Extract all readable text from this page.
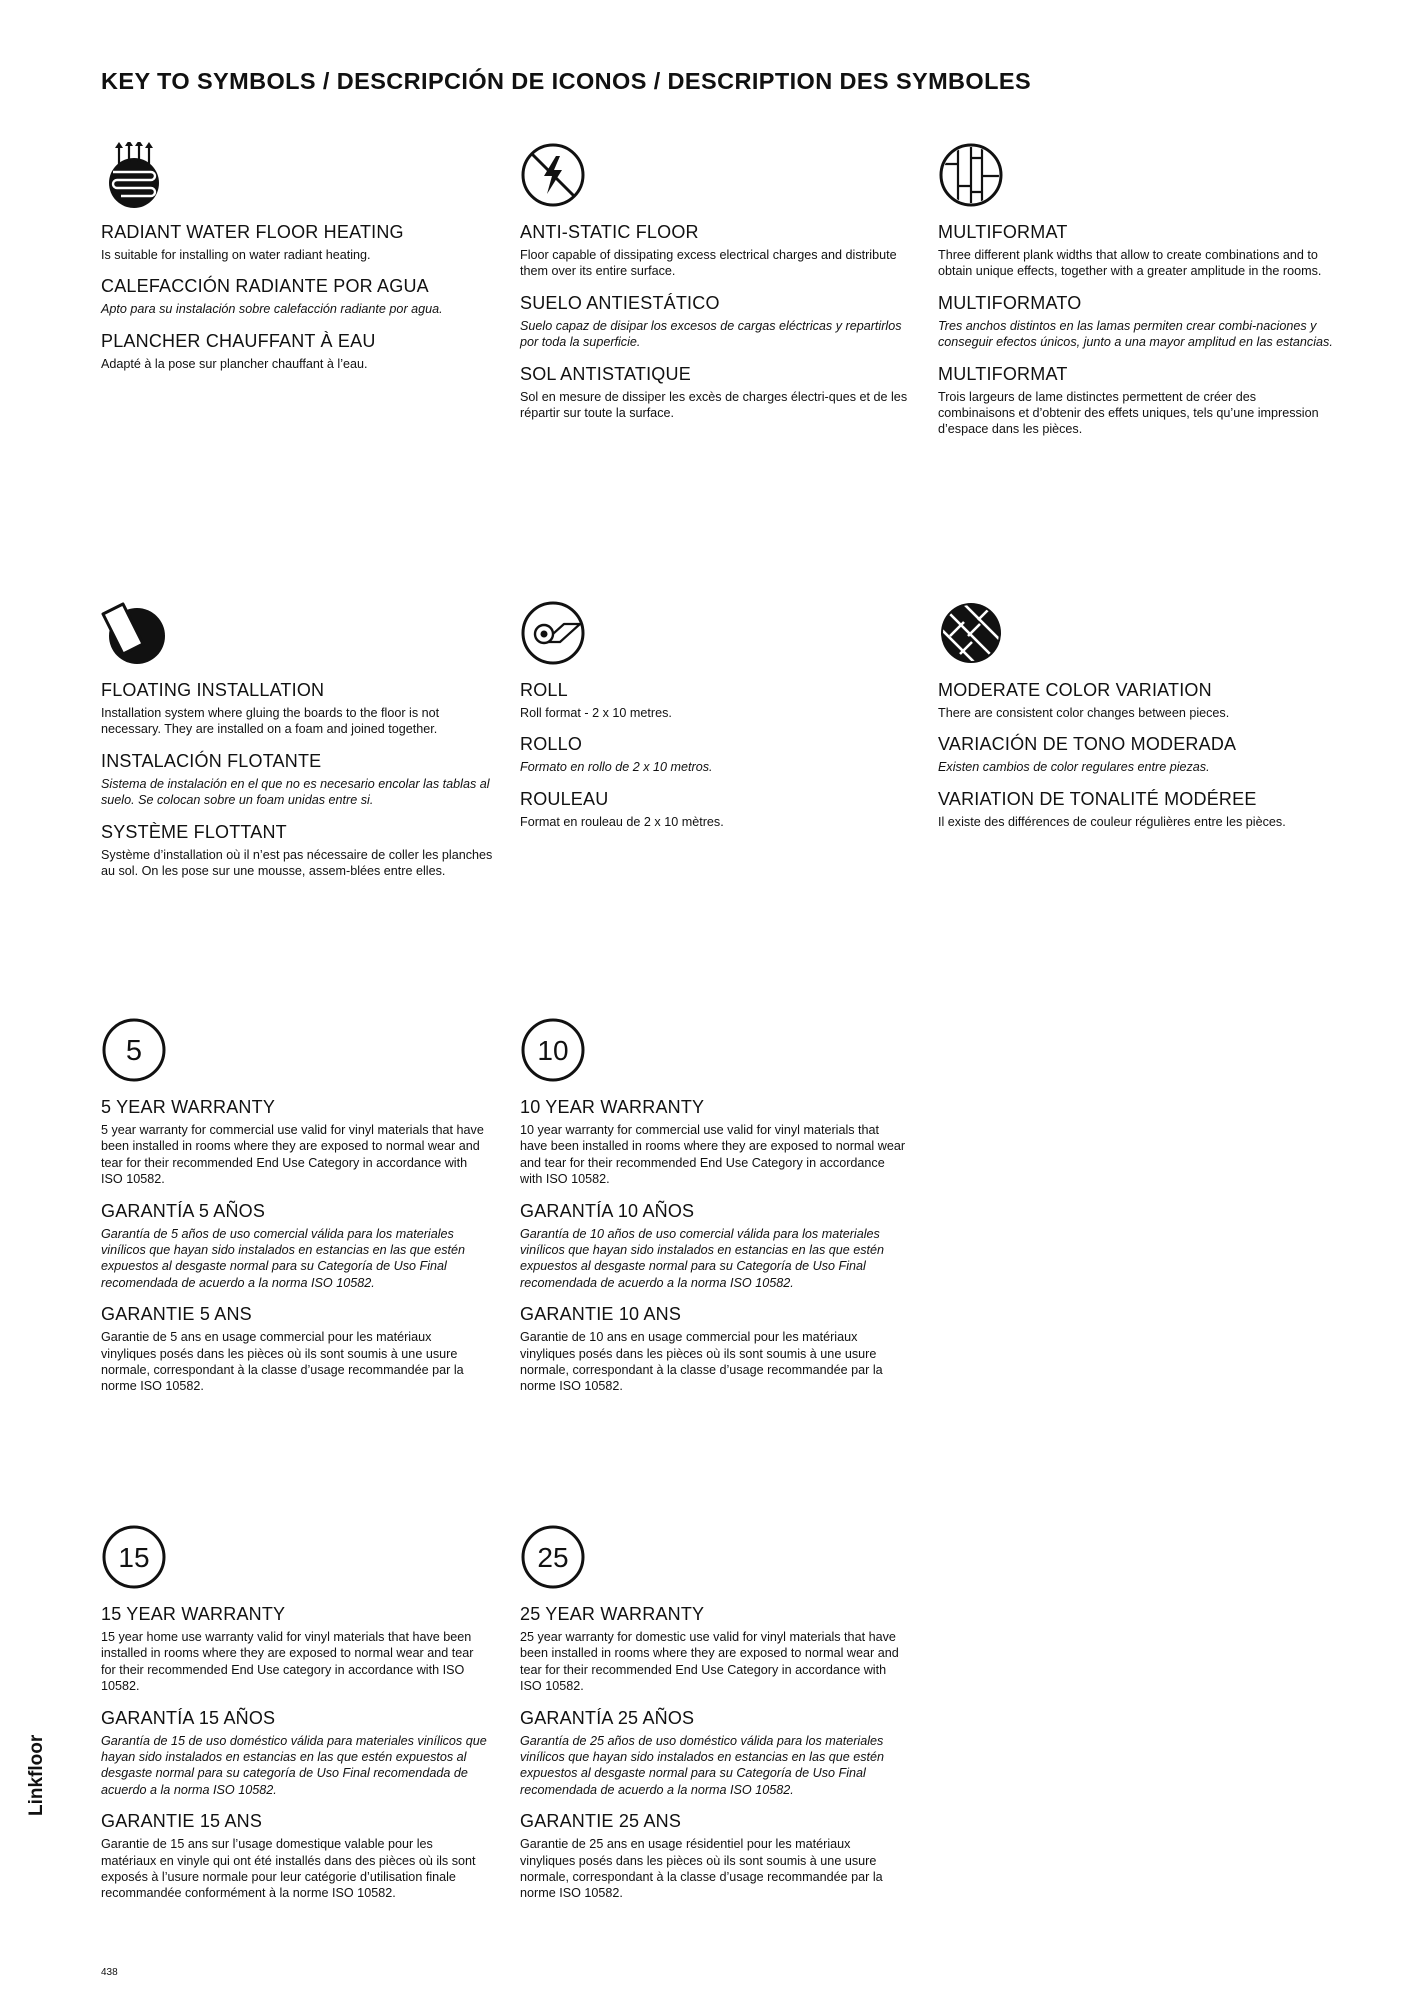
KEY TO SYMBOLS / DESCRIPCIÓN DE ICONOS / DESCRIPTION DES SYMBOLES

RADIANT WATER FLOOR HEATING

Is suitable for installing on water radiant heating.

CALEFACCIÓN RADIANTE POR AGUA

Apto para su instalación sobre calefacción radiante por agua.

PLANCHER CHAUFFANT À EAU

Adapté à la pose sur plancher chauffant à l’eau.

ANTI-STATIC FLOOR

Floor capable of dissipating excess electrical charges and distribute them over its entire surface.

SUELO ANTIESTÁTICO

Suelo capaz de disipar los excesos de cargas eléctricas y repartirlos por toda la superficie.

SOL ANTISTATIQUE

Sol en mesure de dissiper les excès de charges électri-ques et de les répartir sur toute la surface.

MULTIFORMAT

Three different plank widths that allow to create combinations and to obtain unique effects, together with a greater amplitude in the rooms.

MULTIFORMATO

Tres anchos distintos en las lamas permiten crear combi-naciones y conseguir efectos únicos, junto a una mayor amplitud en las estancias.

MULTIFORMAT

Trois largeurs de lame distinctes permettent de créer des combinaisons et d’obtenir des effets uniques, tels qu’une impression d’espace dans les pièces.

FLOATING INSTALLATION

Installation system where gluing the boards to the floor is not necessary. They are installed on a foam and joined together.

INSTALACIÓN FLOTANTE

Sistema de instalación en el que no es necesario encolar las tablas al suelo. Se colocan sobre un foam unidas entre si.

SYSTÈME FLOTTANT

Système d’installation où il n’est pas nécessaire de coller les planches au sol. On les pose sur une mousse, assem-blées entre elles.

ROLL

Roll format - 2 x 10 metres.

ROLLO

Formato en rollo de 2 x 10 metros.

ROULEAU

Format en rouleau de 2 x 10 mètres.

MODERATE COLOR VARIATION

There are consistent color changes between pieces.

VARIACIÓN DE TONO MODERADA

Existen cambios de color regulares entre piezas.

VARIATION DE TONALITÉ MODÉREE

Il existe des différences de couleur régulières entre les pièces.

5

5 YEAR WARRANTY

5 year warranty for commercial use valid for vinyl materials that have been installed in rooms where they are exposed to normal wear and tear for their recommended End Use Category in accordance with ISO 10582.

GARANTÍA 5 AÑOS

Garantía de 5 años de uso comercial válida para los materiales vinílicos que hayan sido instalados en estancias en las que estén expuestos al desgaste normal para su Categoría de Uso Final recomendada de acuerdo a la norma ISO 10582.

GARANTIE 5 ANS

Garantie de 5 ans en usage commercial pour les matériaux vinyliques posés dans les pièces où ils sont soumis à une usure normale, correspondant à la classe d’usage recommandée par la norme ISO 10582.

10

10 YEAR WARRANTY

10 year warranty for commercial use valid for vinyl materials that have been installed in rooms where they are exposed to normal wear and tear for their recommended End Use Category in accordance with ISO 10582.

GARANTÍA 10 AÑOS

Garantía de 10 años de uso comercial válida para los materiales vinílicos que hayan sido instalados en estancias en las que estén expuestos al desgaste normal para su Categoría de Uso Final recomendada de acuerdo a la norma ISO 10582.

GARANTIE 10 ANS

Garantie de 10 ans en usage commercial pour les matériaux vinyliques posés dans les pièces où ils sont soumis à une usure normale, correspondant à la classe d’usage recommandée par la norme ISO 10582.

15

15 YEAR WARRANTY

15 year home use warranty valid for vinyl materials that have been installed in rooms where they are exposed to normal wear and tear for their recommended End Use category in accordance with ISO 10582.

GARANTÍA 15 AÑOS

Garantía de 15 de uso doméstico válida para materiales vinílicos que hayan sido instalados en estancias en las que estén expuestos al desgaste normal para su categoría de Uso Final recomendada de acuerdo a la norma ISO 10582.

GARANTIE 15 ANS

Garantie de 15 ans sur l’usage domestique valable pour les matériaux en vinyle qui ont été installés dans des pièces où ils sont exposés à l’usure normale pour leur catégorie d’utilisation finale recommandée conformément à la norme ISO 10582.

25

25 YEAR WARRANTY

25 year warranty for domestic use valid for vinyl materials that have been installed in rooms where they are exposed to normal wear and tear for their recommended End Use Category in accordance with ISO 10582.

GARANTÍA 25 AÑOS

Garantía de 25 años de uso doméstico válida para los materiales vinílicos que hayan sido instalados en estancias en las que estén expuestos al desgaste normal para su Categoría de Uso Final recomendada de acuerdo a la norma ISO 10582.

GARANTIE 25 ANS

Garantie de 25 ans en usage résidentiel pour les matériaux vinyliques posés dans les pièces où ils sont soumis à une usure normale, correspondant à la classe d’usage recommandée par la norme ISO 10582.

Linkfloor
438
